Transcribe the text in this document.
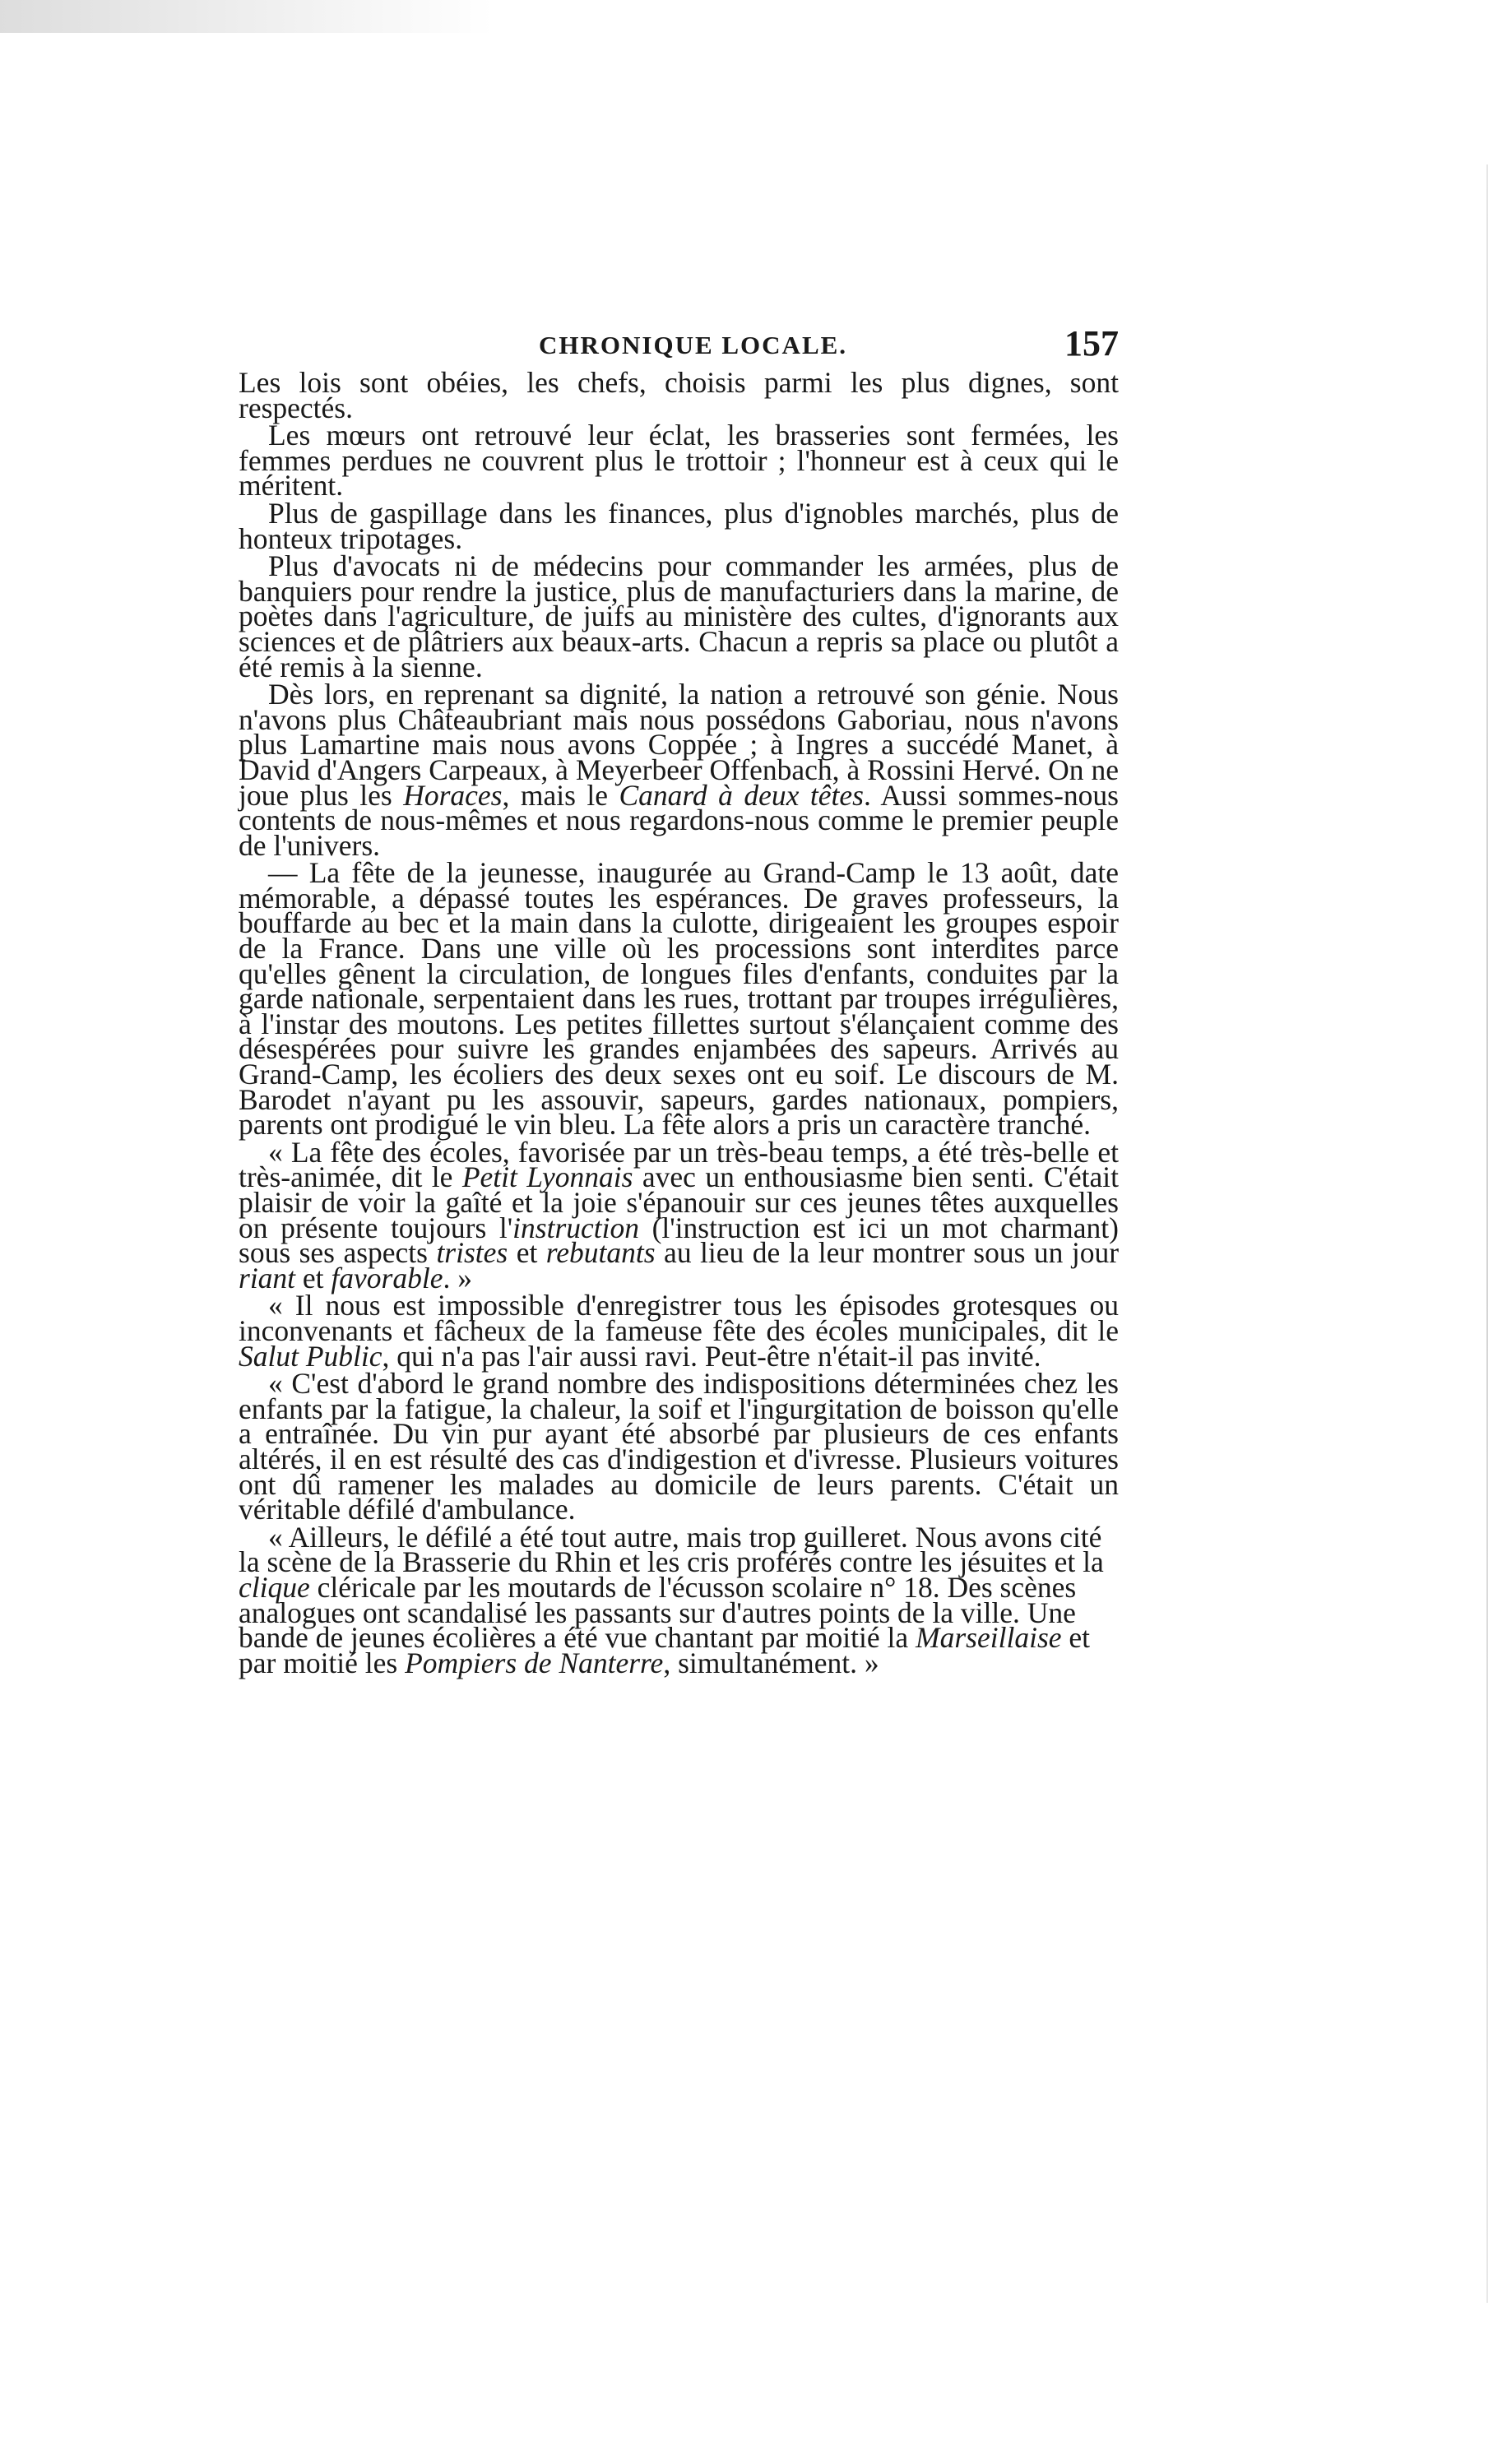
CHRONIQUE LOCALE.	157

Les lois sont obéies, les chefs, choisis parmi les plus dignes, sont respectés.

Les mœurs ont retrouvé leur éclat, les brasseries sont fermées, les femmes perdues ne couvrent plus le trottoir ; l'honneur est à ceux qui le méritent.

Plus de gaspillage dans les finances, plus d'ignobles marchés, plus de honteux tripotages.

Plus d'avocats ni de médecins pour commander les armées, plus de banquiers pour rendre la justice, plus de manufacturiers dans la marine, de poètes dans l'agriculture, de juifs au ministère des cultes, d'ignorants aux sciences et de plâtriers aux beaux-arts. Chacun a repris sa place ou plutôt a été remis à la sienne.

Dès lors, en reprenant sa dignité, la nation a retrouvé son génie. Nous n'avons plus Châteaubriant mais nous possédons Gaboriau, nous n'avons plus Lamartine mais nous avons Coppée ; à Ingres a succédé Manet, à David d'Angers Carpeaux, à Meyerbeer Offenbach, à Rossini Hervé. On ne joue plus les Horaces, mais le Canard à deux têtes. Aussi sommes-nous contents de nous-mêmes et nous regardons-nous comme le premier peuple de l'univers.

— La fête de la jeunesse, inaugurée au Grand-Camp le 13 août, date mémorable, a dépassé toutes les espérances. De graves professeurs, la bouffarde au bec et la main dans la culotte, dirigeaient les groupes espoir de la France. Dans une ville où les processions sont interdites parce qu'elles gênent la circulation, de longues files d'enfants, conduites par la garde nationale, serpentaient dans les rues, trottant par troupes irrégulières, à l'instar des moutons. Les petites fillettes surtout s'élançaient comme des désespérées pour suivre les grandes enjambées des sapeurs. Arrivés au Grand-Camp, les écoliers des deux sexes ont eu soif. Le discours de M. Barodet n'ayant pu les assouvir, sapeurs, gardes nationaux, pompiers, parents ont prodigué le vin bleu. La fête alors a pris un caractère tranché.

« La fête des écoles, favorisée par un très-beau temps, a été très-belle et très-animée, dit le Petit Lyonnais avec un enthousiasme bien senti. C'était plaisir de voir la gaîté et la joie s'épanouir sur ces jeunes têtes auxquelles on présente toujours l'instruction (l'instruction est ici un mot charmant) sous ses aspects tristes et rebutants au lieu de la leur montrer sous un jour riant et favorable. »

« Il nous est impossible d'enregistrer tous les épisodes grotesques ou inconvenants et fâcheux de la fameuse fête des écoles municipales, dit le Salut Public, qui n'a pas l'air aussi ravi. Peut-être n'était-il pas invité.

« C'est d'abord le grand nombre des indispositions déterminées chez les enfants par la fatigue, la chaleur, la soif et l'ingurgitation de boisson qu'elle a entraînée. Du vin pur ayant été absorbé par plusieurs de ces enfants altérés, il en est résulté des cas d'indigestion et d'ivresse. Plusieurs voitures ont dû ramener les malades au domicile de leurs parents. C'était un véritable défilé d'ambulance.

« Ailleurs, le défilé a été tout autre, mais trop guilleret. Nous avons cité la scène de la Brasserie du Rhin et les cris proférés contre les jésuites et la clique cléricale par les moutards de l'écusson scolaire n° 18. Des scènes analogues ont scandalisé les passants sur d'autres points de la ville. Une bande de jeunes écolières a été vue chantant par moitié la Marseillaise et par moitié les Pompiers de Nanterre, simultanément. »
